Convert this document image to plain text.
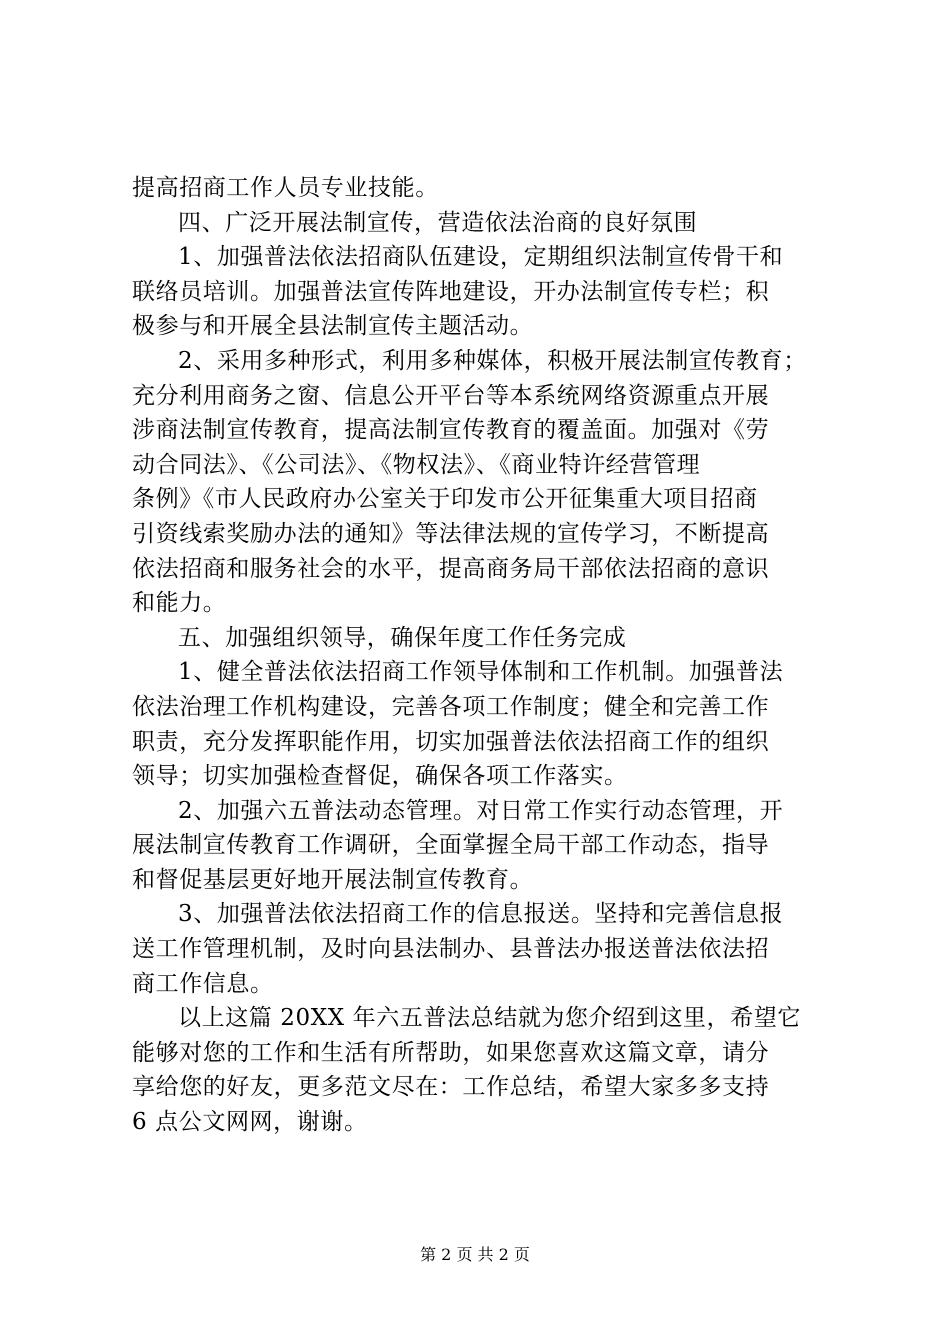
提高招商工作人员专业技能。
四、广泛开展法制宣传，营造依法治商的良好氛围
1、加强普法依法招商队伍建设，定期组织法制宣传骨干和
联络员培训。加强普法宣传阵地建设，开办法制宣传专栏；积
极参与和开展全县法制宣传主题活动。
2、采用多种形式，利用多种媒体，积极开展法制宣传教育；
充分利用商务之窗、信息公开平台等本系统网络资源重点开展
涉商法制宣传教育，提高法制宣传教育的覆盖面。加强对《劳
动合同法》、《公司法》、《物权法》、《商业特许经营管理
条例》《市人民政府办公室关于印发市公开征集重大项目招商
引资线索奖励办法的通知》等法律法规的宣传学习，不断提高
依法招商和服务社会的水平，提高商务局干部依法招商的意识
和能力。
五、加强组织领导，确保年度工作任务完成
1、健全普法依法招商工作领导体制和工作机制。加强普法
依法治理工作机构建设，完善各项工作制度；健全和完善工作
职责，充分发挥职能作用，切实加强普法依法招商工作的组织
领导；切实加强检查督促，确保各项工作落实。
2、加强六五普法动态管理。对日常工作实行动态管理，开
展法制宣传教育工作调研，全面掌握全局干部工作动态，指导
和督促基层更好地开展法制宣传教育。
3、加强普法依法招商工作的信息报送。坚持和完善信息报
送工作管理机制，及时向县法制办、县普法办报送普法依法招
商工作信息。
以上这篇 20XX 年六五普法总结就为您介绍到这里，希望它
能够对您的工作和生活有所帮助，如果您喜欢这篇文章，请分
享给您的好友，更多范文尽在：工作总结，希望大家多多支持
6 点公文网网，谢谢。
第 2 页 共 2 页
